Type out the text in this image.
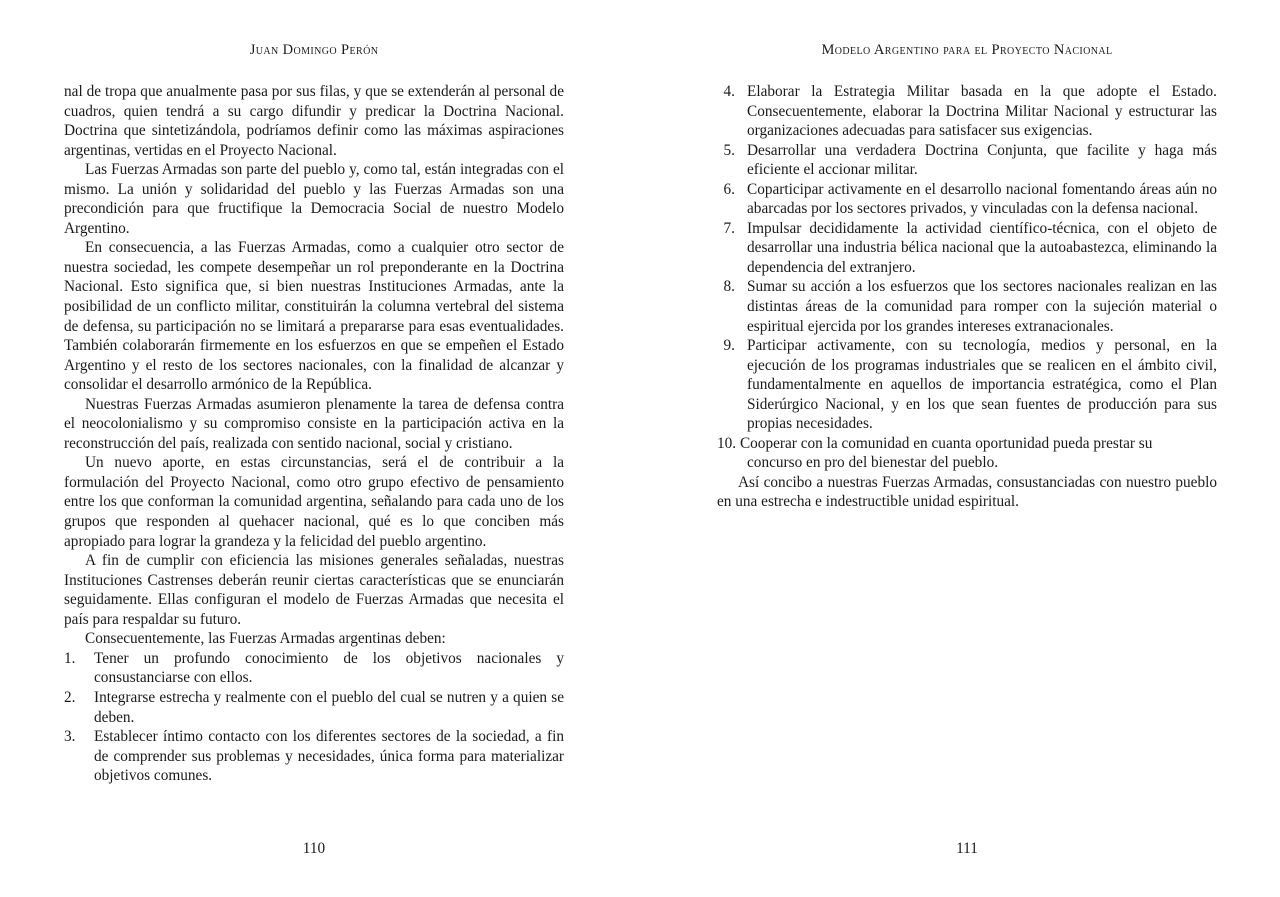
Juan Domingo Perón

nal de tropa que anualmente pasa por sus filas, y que se extenderán al personal de cuadros, quien tendrá a su cargo difundir y predicar la Doctrina Nacional. Doctrina que sintetizándola, podríamos definir como las máximas aspiraciones argentinas, vertidas en el Proyecto Nacional.

Las Fuerzas Armadas son parte del pueblo y, como tal, están integradas con el mismo. La unión y solidaridad del pueblo y las Fuerzas Armadas son una precondición para que fructifique la Democracia Social de nuestro Modelo Argentino.

En consecuencia, a las Fuerzas Armadas, como a cualquier otro sector de nuestra sociedad, les compete desempeñar un rol preponderante en la Doctrina Nacional. Esto significa que, si bien nuestras Instituciones Armadas, ante la posibilidad de un conflicto militar, constituirán la columna vertebral del sistema de defensa, su participación no se limitará a prepararse para esas eventualidades. También colaborarán firmemente en los esfuerzos en que se empeñen el Estado Argentino y el resto de los sectores nacionales, con la finalidad de alcanzar y consolidar el desarrollo armónico de la República.

Nuestras Fuerzas Armadas asumieron plenamente la tarea de defensa contra el neocolonialismo y su compromiso consiste en la participación activa en la reconstrucción del país, realizada con sentido nacional, social y cristiano.

Un nuevo aporte, en estas circunstancias, será el de contribuir a la formulación del Proyecto Nacional, como otro grupo efectivo de pensamiento entre los que conforman la comunidad argentina, señalando para cada uno de los grupos que responden al quehacer nacional, qué es lo que conciben más apropiado para lograr la grandeza y la felicidad del pueblo argentino.

A fin de cumplir con eficiencia las misiones generales señaladas, nuestras Instituciones Castrenses deberán reunir ciertas características que se enunciarán seguidamente. Ellas configuran el modelo de Fuerzas Armadas que necesita el país para respaldar su futuro.

Consecuentemente, las Fuerzas Armadas argentinas deben:

1. Tener un profundo conocimiento de los objetivos nacionales y consustanciarse con ellos.
2. Integrarse estrecha y realmente con el pueblo del cual se nutren y a quien se deben.
3. Establecer íntimo contacto con los diferentes sectores de la sociedad, a fin de comprender sus problemas y necesidades, única forma para materializar objetivos comunes.
110
Modelo Argentino para el Proyecto Nacional
4. Elaborar la Estrategia Militar basada en la que adopte el Estado. Consecuentemente, elaborar la Doctrina Militar Nacional y estructurar las organizaciones adecuadas para satisfacer sus exigencias.
5. Desarrollar una verdadera Doctrina Conjunta, que facilite y haga más eficiente el accionar militar.
6. Coparticipar activamente en el desarrollo nacional fomentando áreas aún no abarcadas por los sectores privados, y vinculadas con la defensa nacional.
7. Impulsar decididamente la actividad científico-técnica, con el objeto de desarrollar una industria bélica nacional que la autoabastezca, eliminando la dependencia del extranjero.
8. Sumar su acción a los esfuerzos que los sectores nacionales realizan en las distintas áreas de la comunidad para romper con la sujeción material o espiritual ejercida por los grandes intereses extranacionales.
9. Participar activamente, con su tecnología, medios y personal, en la ejecución de los programas industriales que se realicen en el ámbito civil, fundamentalmente en aquellos de importancia estratégica, como el Plan Siderúrgico Nacional, y en los que sean fuentes de producción para sus propias necesidades.
10. Cooperar con la comunidad en cuanta oportunidad pueda prestar su
concurso en pro del bienestar del pueblo.

Así concibo a nuestras Fuerzas Armadas, consustanciadas con nuestro pueblo en una estrecha e indestructible unidad espiritual.

111
